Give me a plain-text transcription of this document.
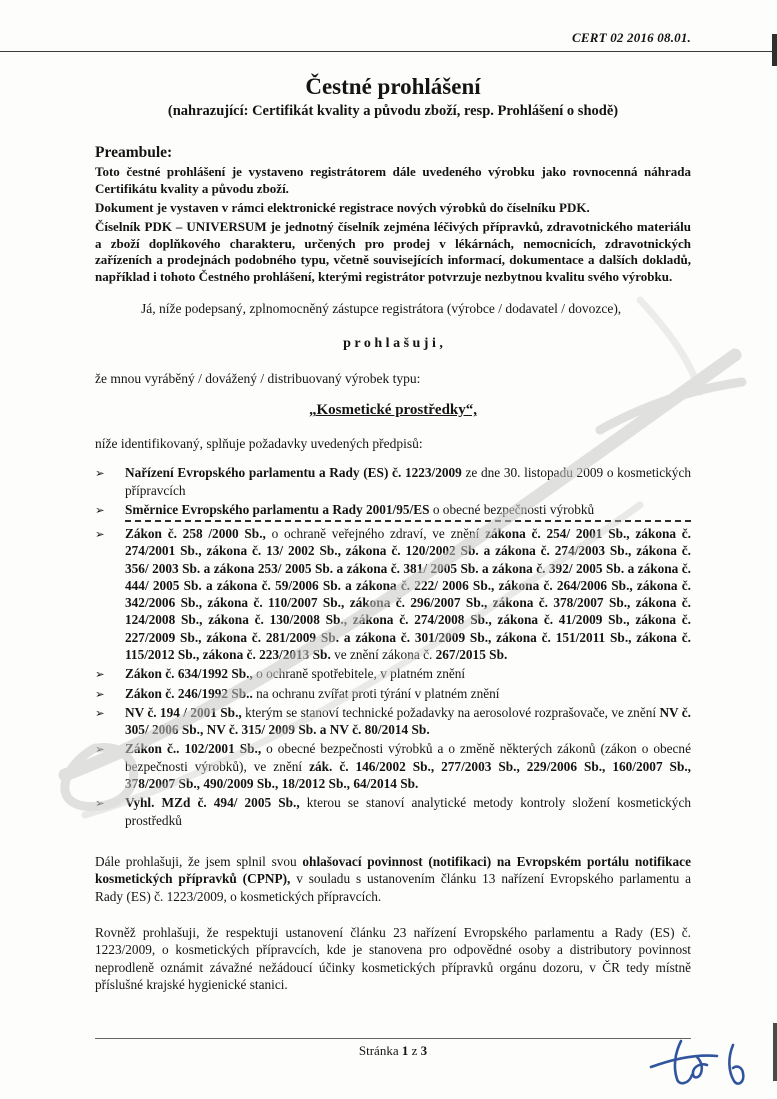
CERT 02 2016 08.01.
Čestné prohlášení
(nahrazující: Certifikát kvality a původu zboží, resp. Prohlášení o shodě)
Preambule:

Toto čestné prohlášení je vystaveno registrátorem dále uvedeného výrobku jako rovnocenná náhrada Certifikátu kvality a původu zboží.

Dokument je vystaven v rámci elektronické registrace nových výrobků do číselníku PDK.

Číselník PDK – UNIVERSUM je jednotný číselník zejména léčivých přípravků, zdravotnického materiálu a zboží doplňkového charakteru, určených pro prodej v lékárnách, nemocnicích, zdravotnických zařízeních a prodejnách podobného typu, včetně souvisejících informací, dokumentace a dalších dokladů, například i tohoto Čestného prohlášení, kterými registrátor potvrzuje nezbytnou kvalitu svého výrobku.

Já, níže podepsaný, zplnomocněný zástupce registrátora (výrobce / dodavatel / dovozce),

p r o h l a š u j i ,

že mnou vyráběný / dovážený / distribuovaný výrobek typu:

„Kosmetické prostředky“,

níže identifikovaný, splňuje požadavky uvedených předpisů:

➢	Nařízení Evropského parlamentu a Rady (ES) č. 1223/2009 ze dne 30. listopadu 2009 o kosmetických přípravcích
➢	Směrnice Evropského parlamentu a Rady 2001/95/ES o obecné bezpečnosti výrobků
➢	Zákon č. 258 /2000 Sb., o ochraně veřejného zdraví, ve znění zákona č. 254/ 2001 Sb., zákona č. 274/2001 Sb., zákona č. 13/ 2002 Sb., zákona č. 120/2002 Sb. a zákona č. 274/2003 Sb., zákona č. 356/ 2003 Sb. a zákona 253/ 2005 Sb. a zákona č. 381/ 2005 Sb. a zákona č. 392/ 2005 Sb. a zákona č. 444/ 2005 Sb. a zákona č. 59/2006 Sb. a zákona č. 222/ 2006 Sb., zákona č. 264/2006 Sb., zákona č. 342/2006 Sb., zákona č. 110/2007 Sb., zákona č. 296/2007 Sb., zákona č. 378/2007 Sb., zákona č. 124/2008 Sb., zákona č. 130/2008 Sb., zákona č. 274/2008 Sb., zákona č. 41/2009 Sb., zákona č. 227/2009 Sb., zákona č. 281/2009 Sb. a zákona č. 301/2009 Sb., zákona č. 151/2011 Sb., zákona č. 115/2012 Sb., zákona č. 223/2013 Sb. ve znění zákona č. 267/2015 Sb.
➢	Zákon č. 634/1992 Sb., o ochraně spotřebitele, v platném znění
➢	Zákon č. 246/1992 Sb.. na ochranu zvířat proti týrání v platném znění
➢	NV č. 194 / 2001 Sb., kterým se stanoví technické požadavky na aerosolové rozprašovače, ve znění NV č. 305/ 2006 Sb., NV č. 315/ 2009 Sb. a NV č. 80/2014 Sb.
➢	Zákon č.. 102/2001 Sb., o obecné bezpečnosti výrobků a o změně některých zákonů (zákon o obecné bezpečnosti výrobků), ve znění zák. č. 146/2002 Sb., 277/2003 Sb., 229/2006 Sb., 160/2007 Sb., 378/2007 Sb., 490/2009 Sb., 18/2012 Sb., 64/2014 Sb.
➢	Vyhl. MZd č. 494/ 2005 Sb., kterou se stanoví analytické metody kontroly složení kosmetických prostředků

Dále prohlašuji, že jsem splnil svou ohlašovací povinnost (notifikaci) na Evropském portálu notifikace kosmetických přípravků (CPNP), v souladu s ustanovením článku 13 nařízení Evropského parlamentu a Rady (ES) č. 1223/2009, o kosmetických přípravcích.

Rovněž prohlašuji, že respektuji ustanovení článku 23 nařízení Evropského parlamentu a Rady (ES) č. 1223/2009, o kosmetických přípravcích, kde je stanovena pro odpovědné osoby a distributory povinnost neprodleně oznámit závažné nežádoucí účinky kosmetických přípravků orgánu dozoru, v ČR tedy místně příslušné krajské hygienické stanici.

Stránka 1 z 3
